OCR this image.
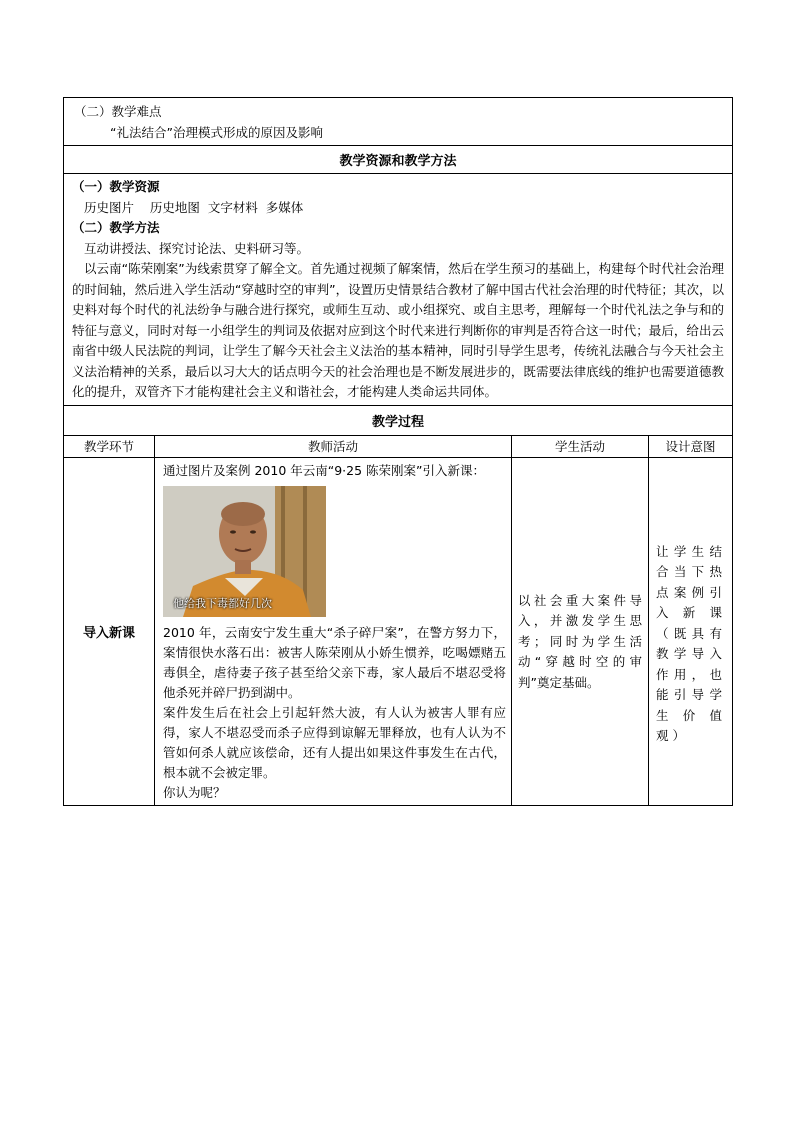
（二）教学难点
“礼法结合”治理模式形成的原因及影响			

教学资源和教学方法			

（一）教学资源
历史图片    历史地图  文字材料  多媒体
（二）教学方法
互动讲授法、探究讨论法、史料研习等。
以云南“陈荣刚案”为线索贯穿了解全文。首先通过视频了解案情，然后在学生预习的基础上，构建每个时代社会治理的时间轴，然后进入学生活动“穿越时空的审判”，设置历史情景结合教材了解中国古代社会治理的时代特征；其次，以史料对每个时代的礼法纷争与融合进行探究，或师生互动、或小组探究、或自主思考，理解每一个时代礼法之争与和的特征与意义，同时对每一小组学生的判词及依据对应到这个时代来进行判断你的审判是否符合这一时代；最后，给出云南省中级人民法院的判词，让学生了解今天社会主义法治的基本精神，同时引导学生思考，传统礼法融合与今天社会主义法治精神的关系，最后以习大大的话点明今天的社会治理也是不断发展进步的，既需要法律底线的维护也需要道德教化的提升，双管齐下才能构建社会主义和谐社会，才能构建人类命运共同体。			

教学过程			
教学环节	教师活动	学生活动	设计意图
导入新课	通过图片及案例 2010 年云南“9·25 陈荣刚案”引入新课：
他给我下毒都好几次
2010 年，云南安宁发生重大“杀子碎尸案”，在警方努力下，案情很快水落石出：被害人陈荣刚从小娇生惯养，吃喝嫖赌五毒俱全，虐待妻子孩子甚至给父亲下毒，家人最后不堪忍受将他杀死并碎尸扔到湖中。
案件发生后在社会上引起轩然大波，有人认为被害人罪有应得，家人不堪忍受而杀子应得到谅解无罪释放，也有人认为不管如何杀人就应该偿命，还有人提出如果这件事发生在古代，根本就不会被定罪。
你认为呢？	以社会重大案件导入，并激发学生思考；同时为学生活动“穿越时空的审判”奠定基础。	让学生结合当下热点案例引入新课（既具有教学导入作用，也能引导学生价值观）
